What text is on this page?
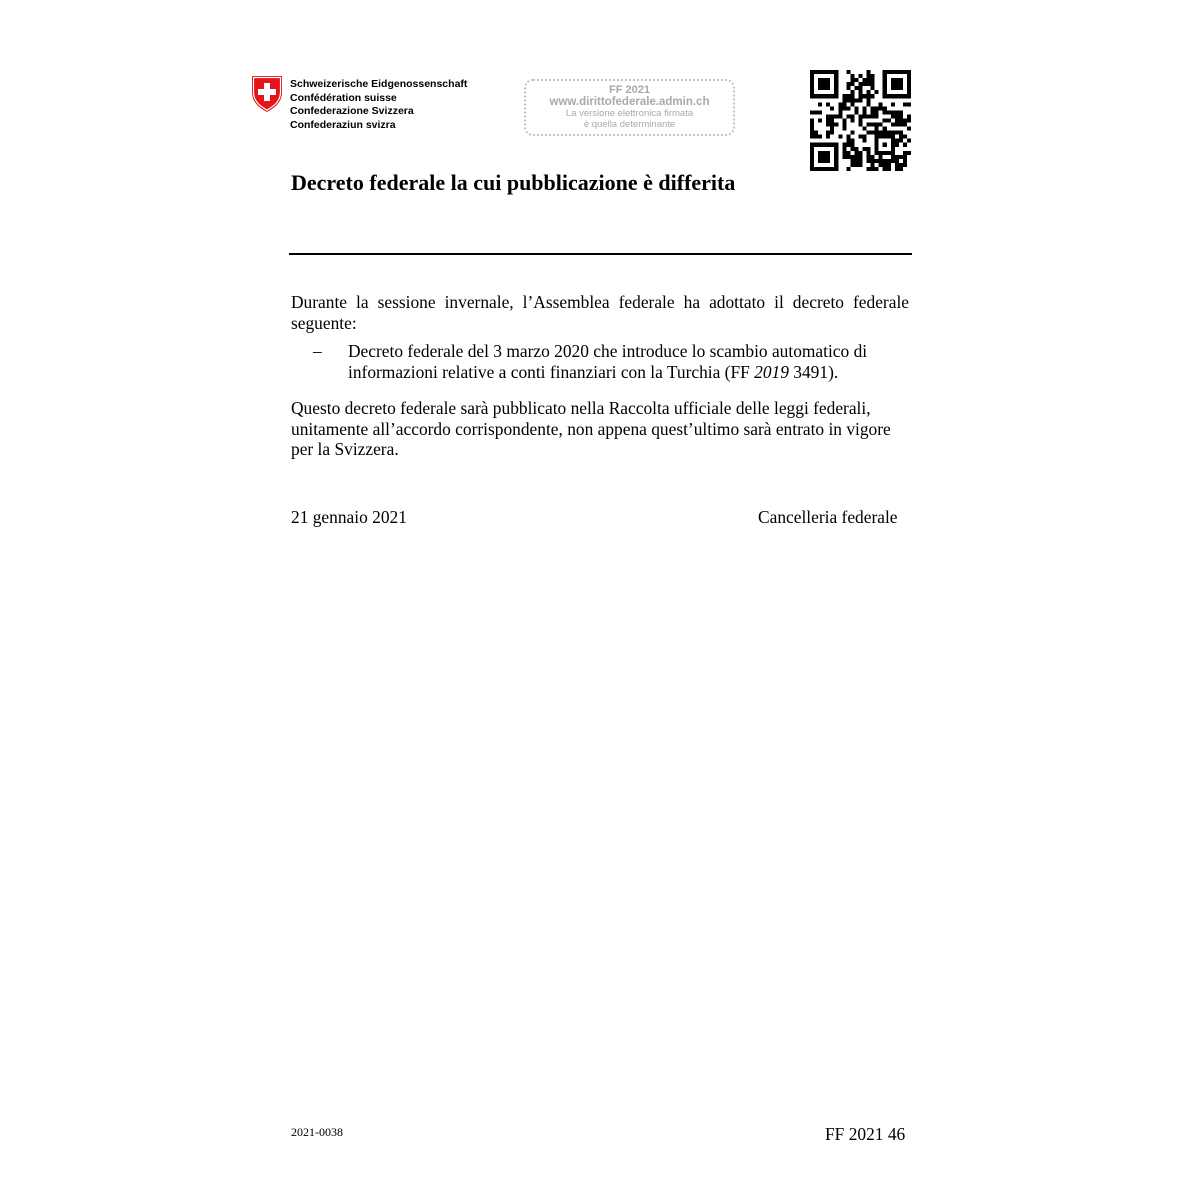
Schweizerische Eidgenossenschaft
Confédération suisse
Confederazione Svizzera
Confederaziun svizra
FF 2021
www.dirittofederale.admin.ch
La versione elettronica firmata
è quella determinante
Decreto federale la cui pubblicazione è differita
Durante la sessione invernale, l’Assemblea federale ha adottato il decreto federale seguente:
– Decreto federale del 3 marzo 2020 che introduce lo scambio automatico di informazioni relative a conti finanziari con la Turchia (FF 2019 3491).
Questo decreto federale sarà pubblicato nella Raccolta ufficiale delle leggi federali, unitamente all’accordo corrispondente, non appena quest’ultimo sarà entrato in vigore per la Svizzera.
21 gennaio 2021	Cancelleria federale
2021-0038	FF 2021 46
